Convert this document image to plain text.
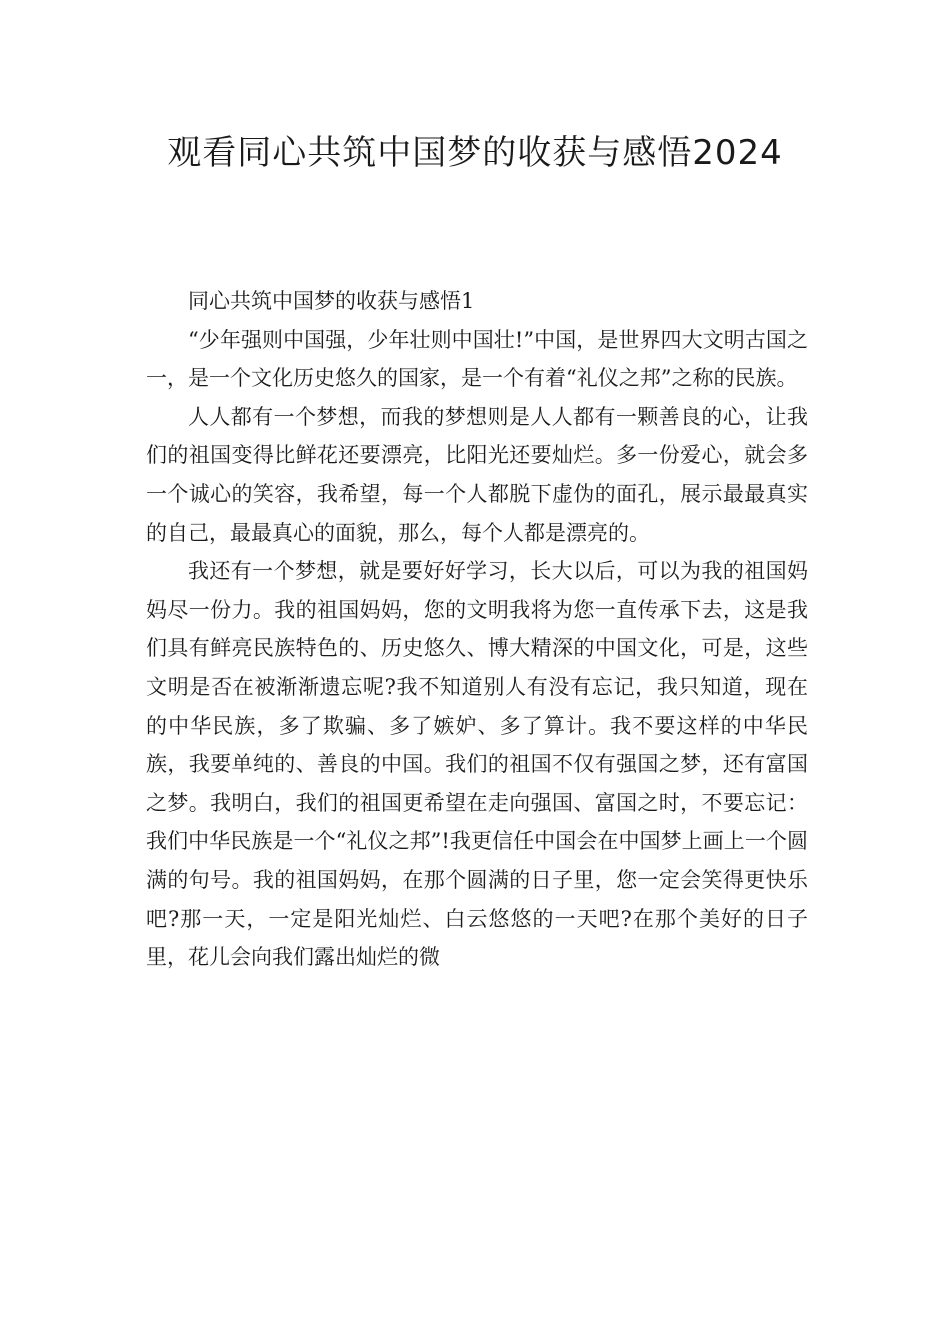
观看同心共筑中国梦的收获与感悟2024

同心共筑中国梦的收获与感悟1

“少年强则中国强，少年壮则中国壮!”中国，是世界四大文明古国之一，是一个文化历史悠久的国家，是一个有着“礼仪之邦”之称的民族。

人人都有一个梦想，而我的梦想则是人人都有一颗善良的心，让我们的祖国变得比鲜花还要漂亮，比阳光还要灿烂。多一份爱心，就会多一个诚心的笑容，我希望，每一个人都脱下虚伪的面孔，展示最最真实的自己，最最真心的面貌，那么，每个人都是漂亮的。

我还有一个梦想，就是要好好学习，长大以后，可以为我的祖国妈妈尽一份力。我的祖国妈妈，您的文明我将为您一直传承下去，这是我们具有鲜亮民族特色的、历史悠久、博大精深的中国文化，可是，这些文明是否在被渐渐遗忘呢?我不知道别人有没有忘记，我只知道，现在的中华民族，多了欺骗、多了嫉妒、多了算计。我不要这样的中华民族，我要单纯的、善良的中国。我们的祖国不仅有强国之梦，还有富国之梦。我明白，我们的祖国更希望在走向强国、富国之时，不要忘记：我们中华民族是一个“礼仪之邦”!我更信任中国会在中国梦上画上一个圆满的句号。我的祖国妈妈，在那个圆满的日子里，您一定会笑得更快乐吧?那一天，一定是阳光灿烂、白云悠悠的一天吧?在那个美好的日子里，花儿会向我们露出灿烂的微
